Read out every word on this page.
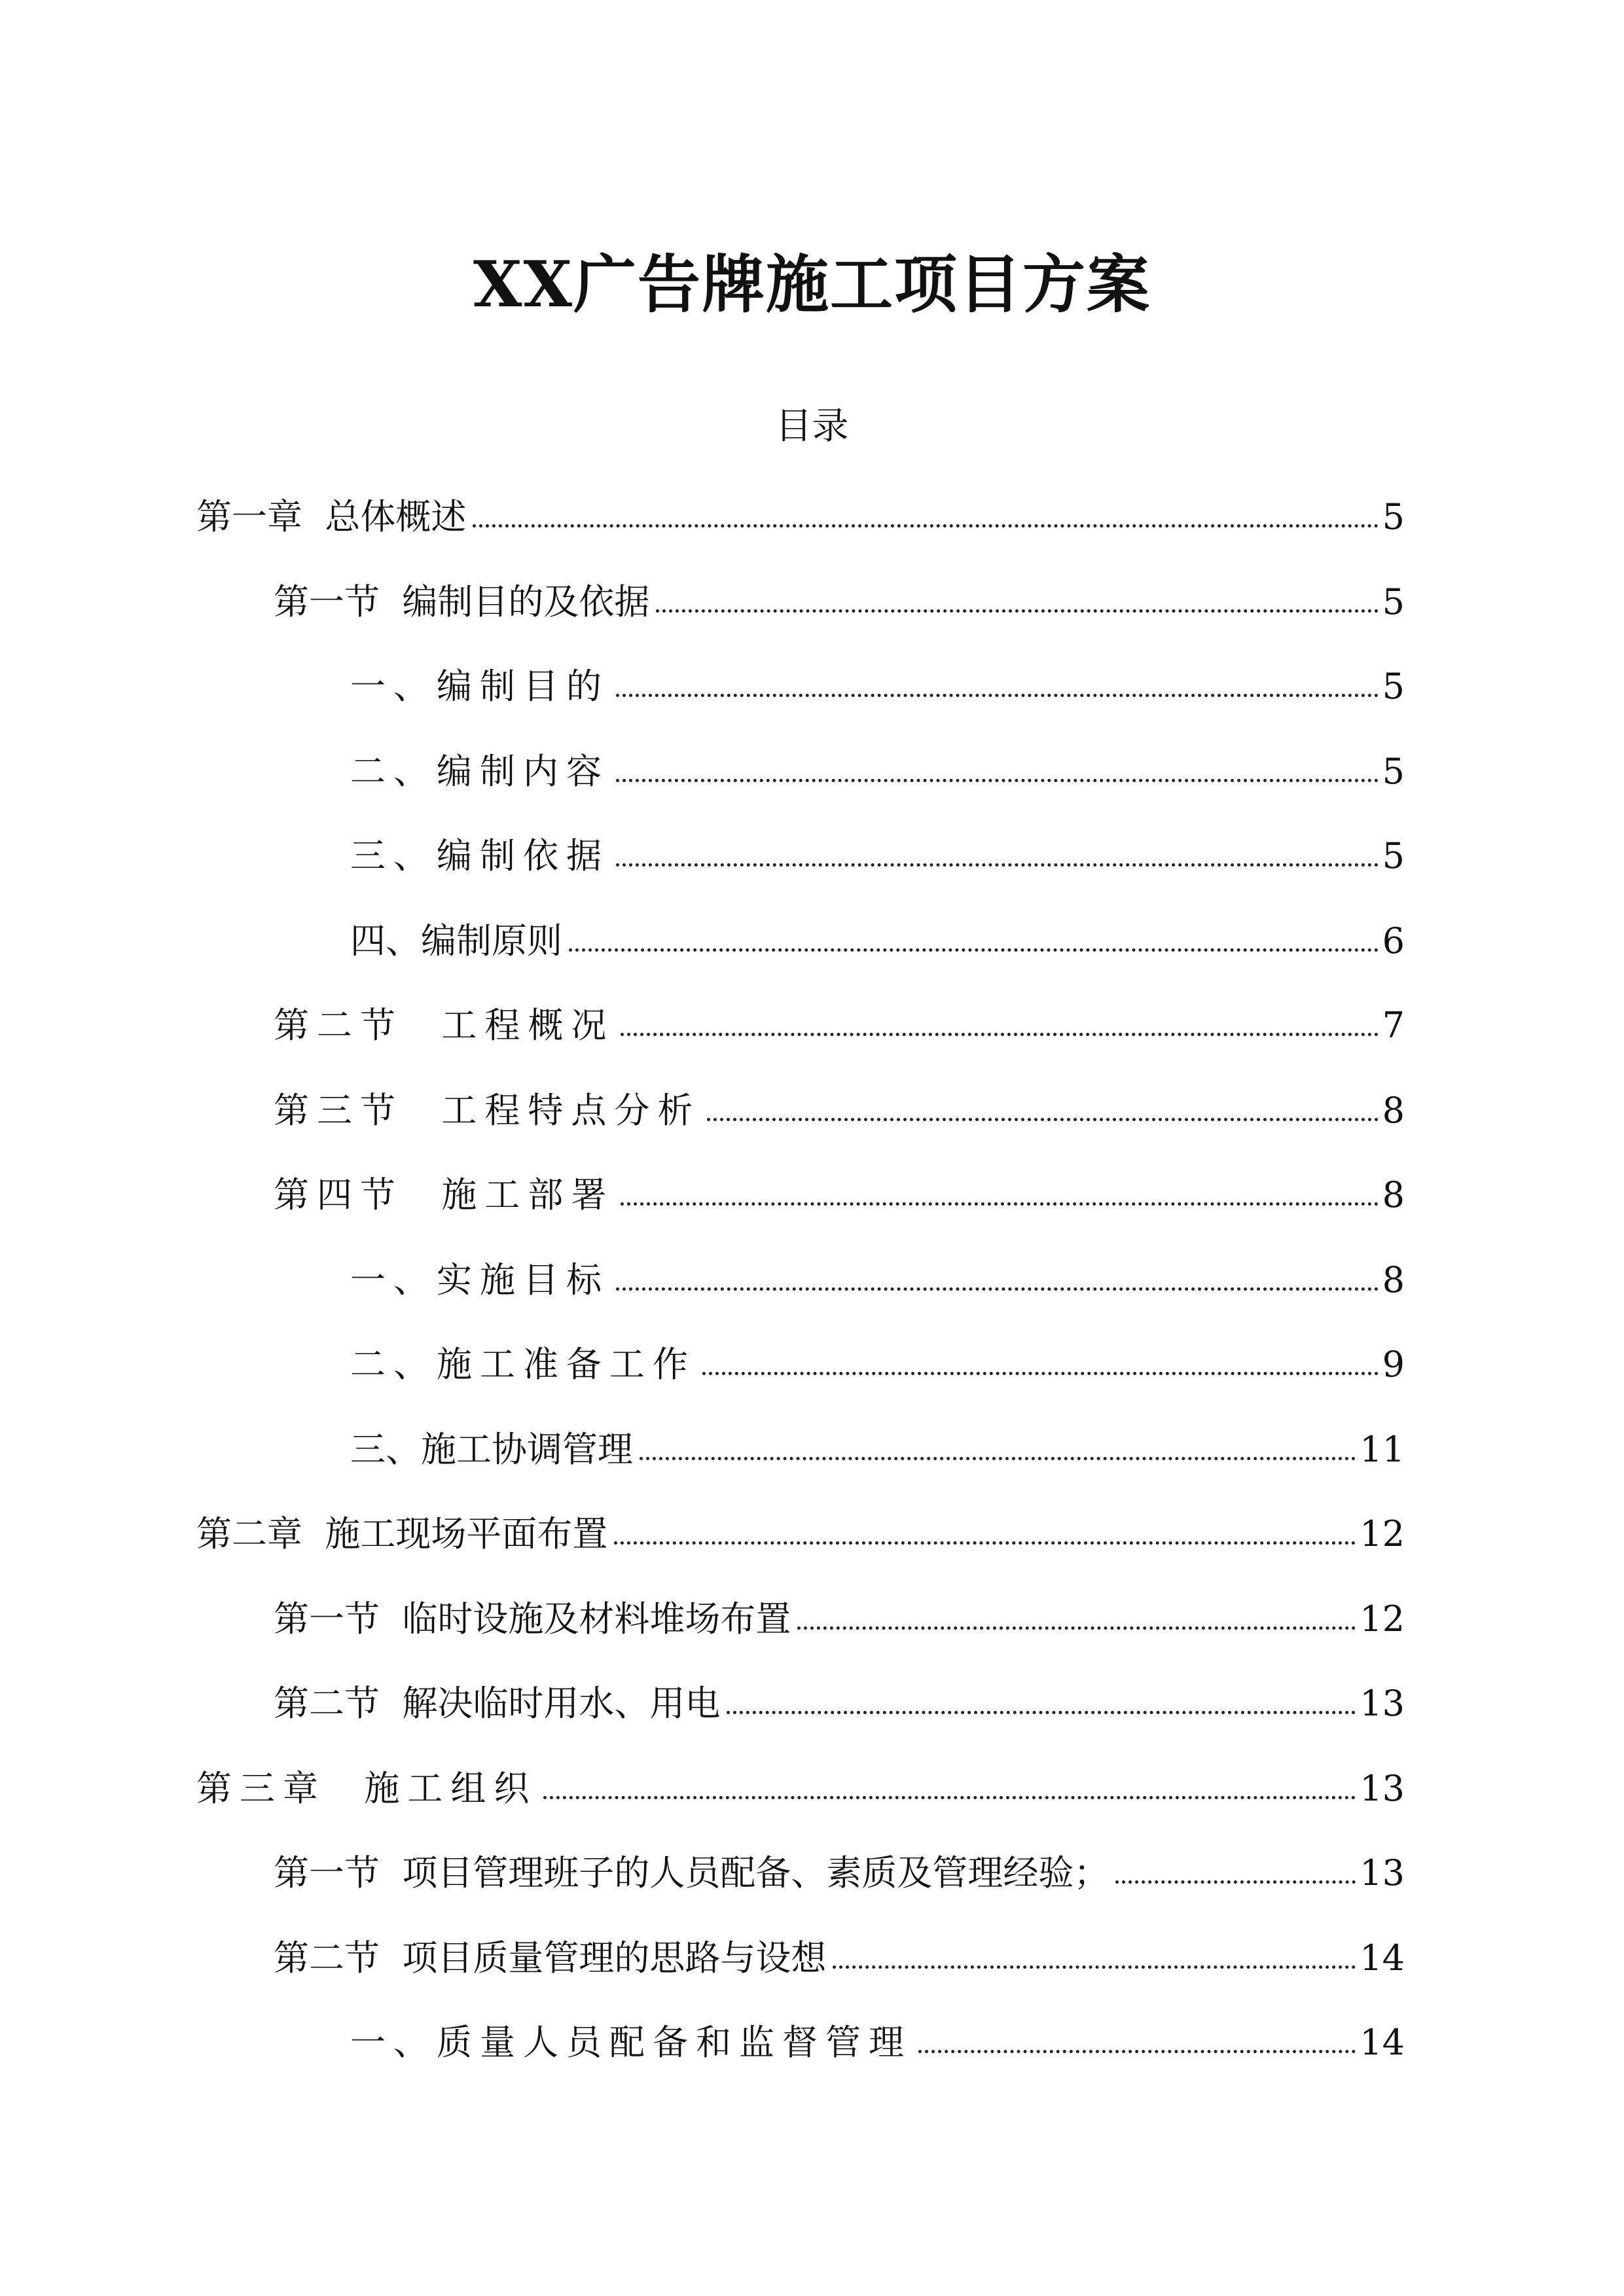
XX广告牌施工项目方案
目录
第一章  总体概述	5
第一节  编制目的及依据	5
一、编制目的	5
二、编制内容	5
三、编制依据	5
四、编制原则	6
第二节  工程概况	7
第三节  工程特点分析	8
第四节  施工部署	8
一、实施目标	8
二、施工准备工作	9
三、施工协调管理	11
第二章  施工现场平面布置	12
第一节  临时设施及材料堆场布置	12
第二节  解决临时用水、用电	13
第三章  施工组织	13
第一节  项目管理班子的人员配备、素质及管理经验；	13
第二节  项目质量管理的思路与设想	14
一、质量人员配备和监督管理	14
